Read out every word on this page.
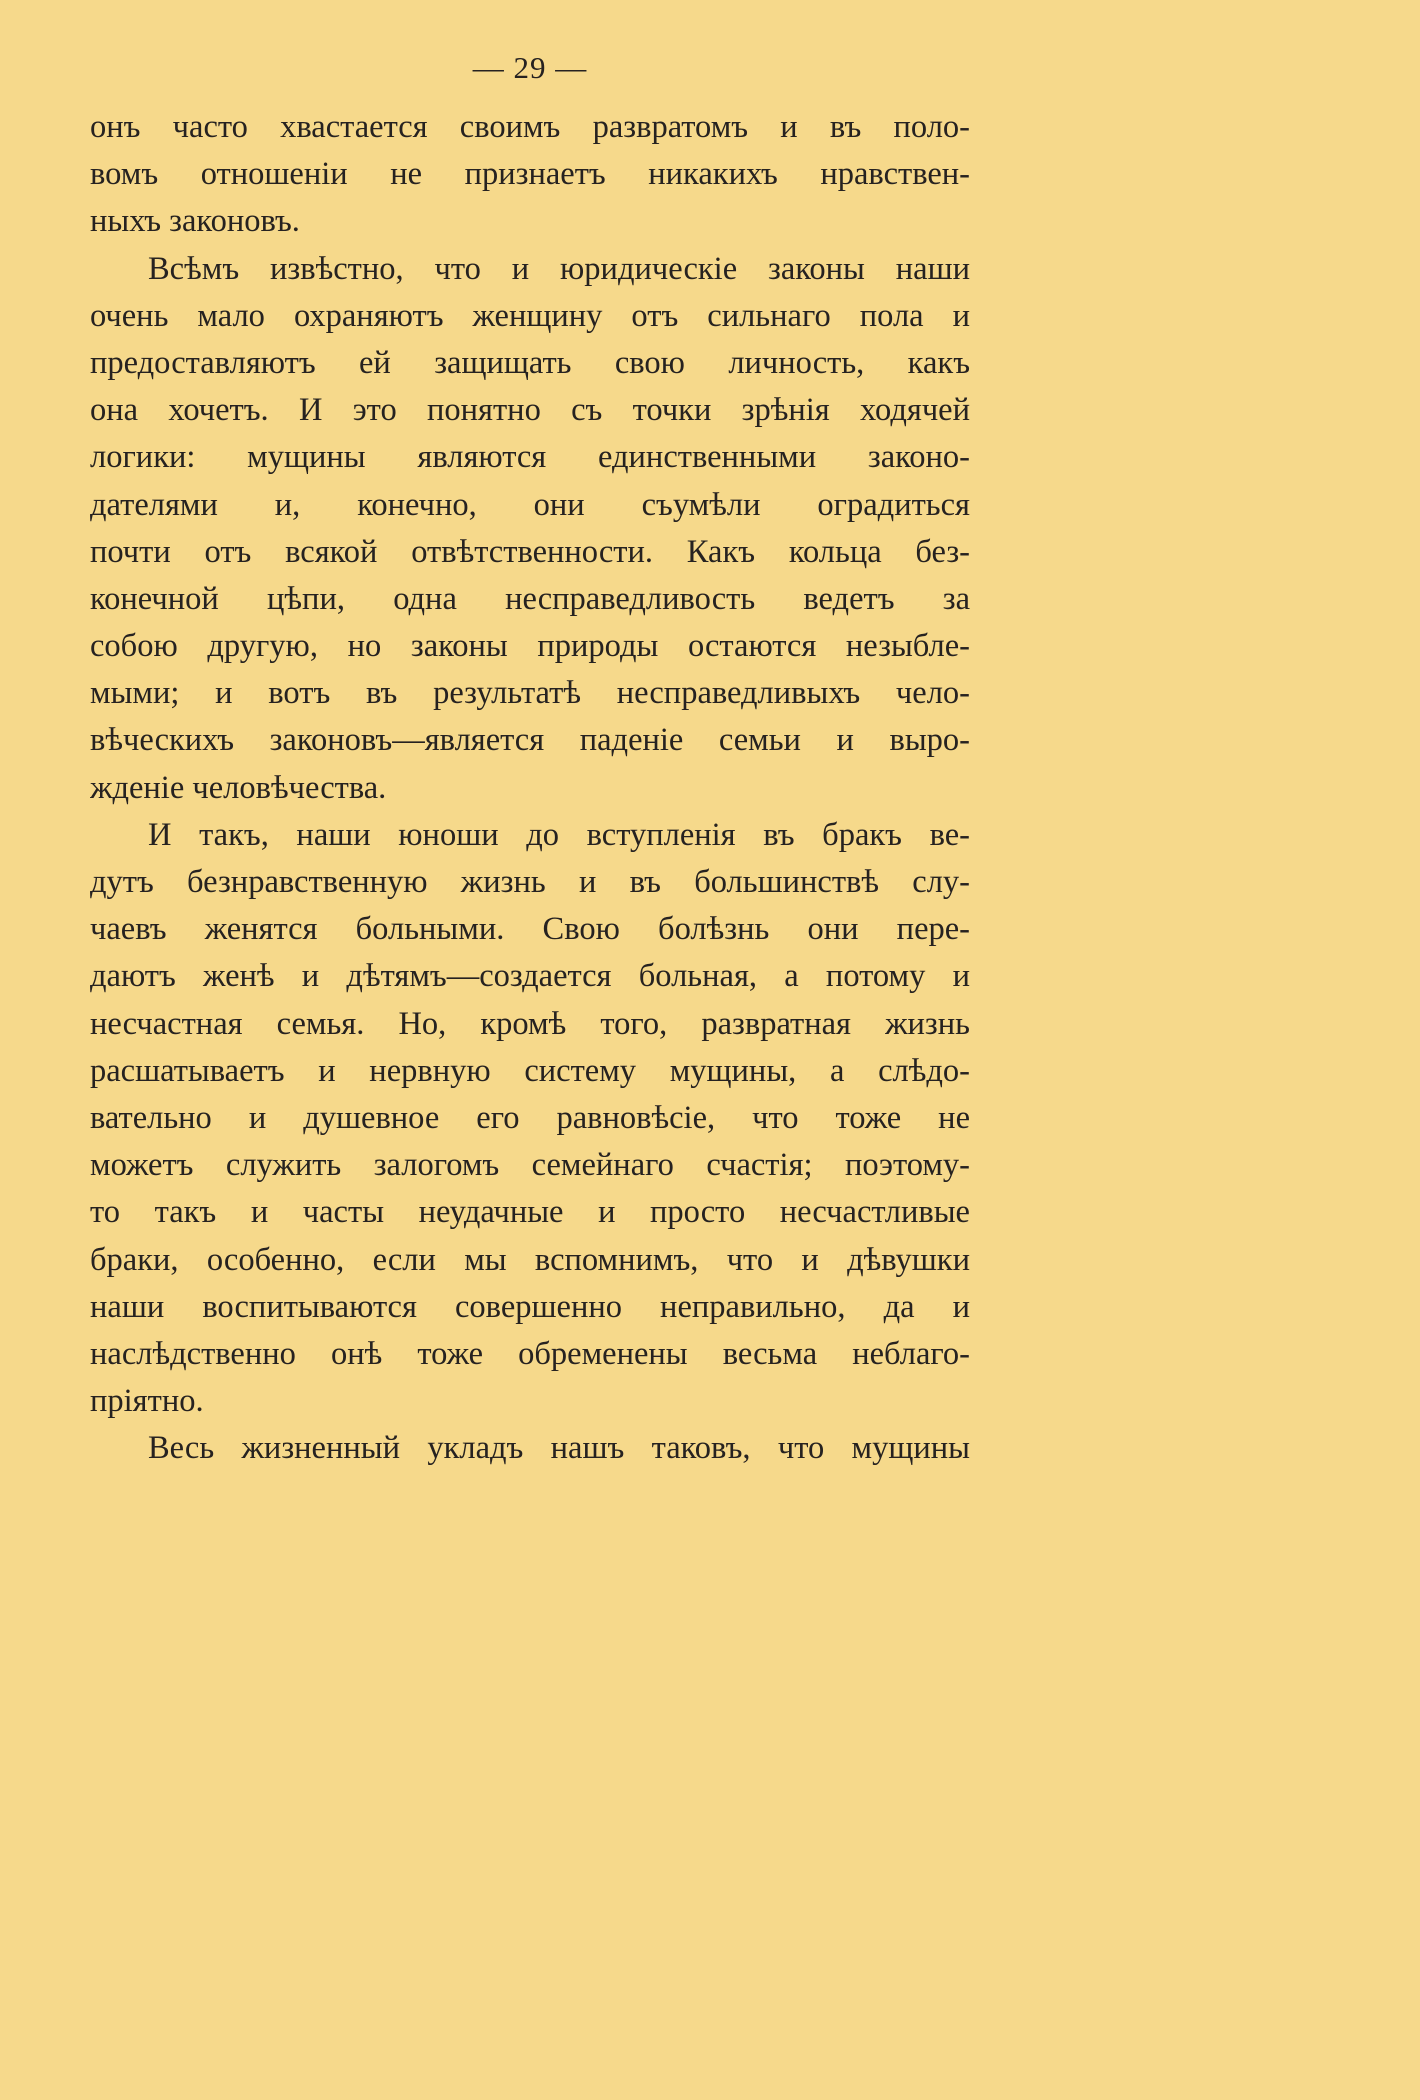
— 29 —
онъ часто хвастается своимъ развратомъ и въ поло-
вомъ отношеніи не признаетъ никакихъ нравствен-
ныхъ законовъ.
Всѣмъ извѣстно, что и юридическіе законы наши
очень мало охраняютъ женщину отъ сильнаго пола и
предоставляютъ ей защищать свою личность, какъ
она хочетъ. И это понятно съ точки зрѣнія ходячей
логики: мущины являются единственными законо-
дателями и, конечно, они съумѣли оградиться
почти отъ всякой отвѣтственности. Какъ кольца без-
конечной цѣпи, одна несправедливость ведетъ за
собою другую, но законы природы остаются незыбле-
мыми; и вотъ въ результатѣ несправедливыхъ чело-
вѣческихъ законовъ—является паденіе семьи и выро-
жденіе человѣчества.
И такъ, наши юноши до вступленія въ бракъ ве-
дутъ безнравственную жизнь и въ большинствѣ слу-
чаевъ женятся больными. Свою болѣзнь они пере-
даютъ женѣ и дѣтямъ—создается больная, а потому и
несчастная семья. Но, кромѣ того, развратная жизнь
расшатываетъ и нервную систему мущины, а слѣдо-
вательно и душевное его равновѣсіе, что тоже не
можетъ служить залогомъ семейнаго счастія; поэтому-
то такъ и часты неудачные и просто несчастливые
браки, особенно, если мы вспомнимъ, что и дѣвушки
наши воспитываются совершенно неправильно, да и
наслѣдственно онѣ тоже обременены весьма неблаго-
пріятно.
Весь жизненный укладъ нашъ таковъ, что мущины
